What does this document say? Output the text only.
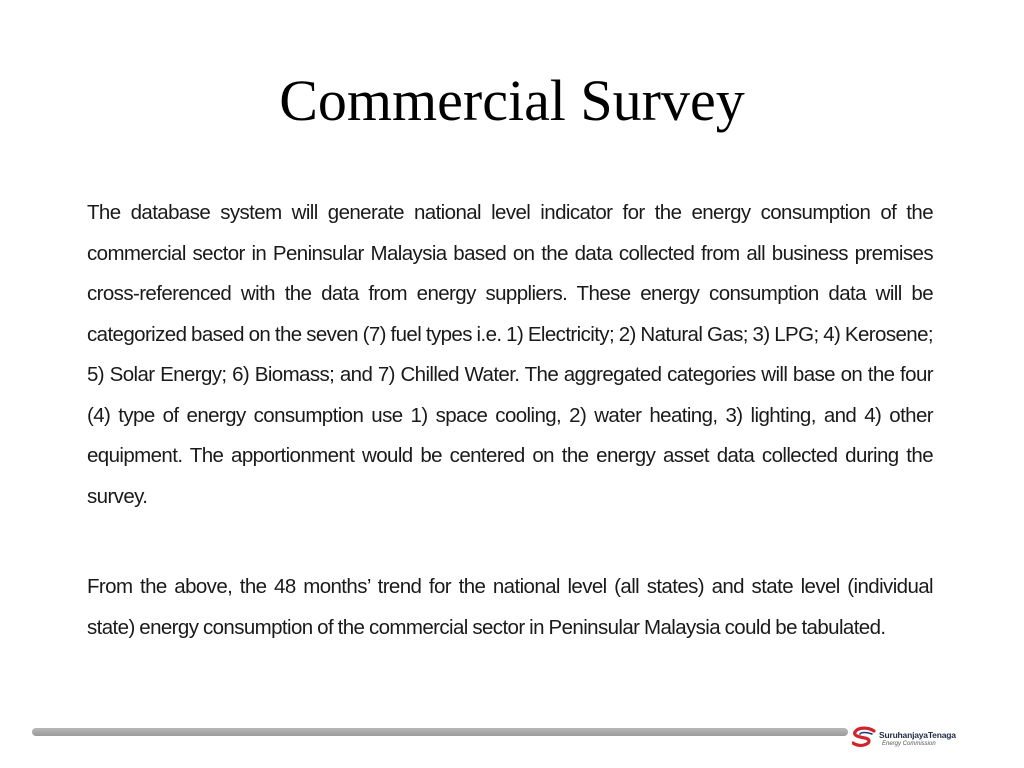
Commercial Survey

The database system will generate national level indicator for the energy consumption of the commercial sector in Peninsular Malaysia based on the data collected from all business premises cross-referenced with the data from energy suppliers. These energy consumption data will be categorized based on the seven (7) fuel types i.e. 1) Electricity; 2) Natural Gas; 3) LPG; 4) Kerosene; 5) Solar Energy; 6) Biomass; and 7) Chilled Water. The aggregated categories will base on the four (4) type of energy consumption use 1) space cooling, 2) water heating, 3) lighting, and 4) other equipment. The apportionment would be centered on the energy asset data collected during the survey.

From the above, the 48 months’ trend for the national level (all states) and state level (individual state) energy consumption of the commercial sector in Peninsular Malaysia could be tabulated.

SuruhanjayaTenaga
Energy Commission
